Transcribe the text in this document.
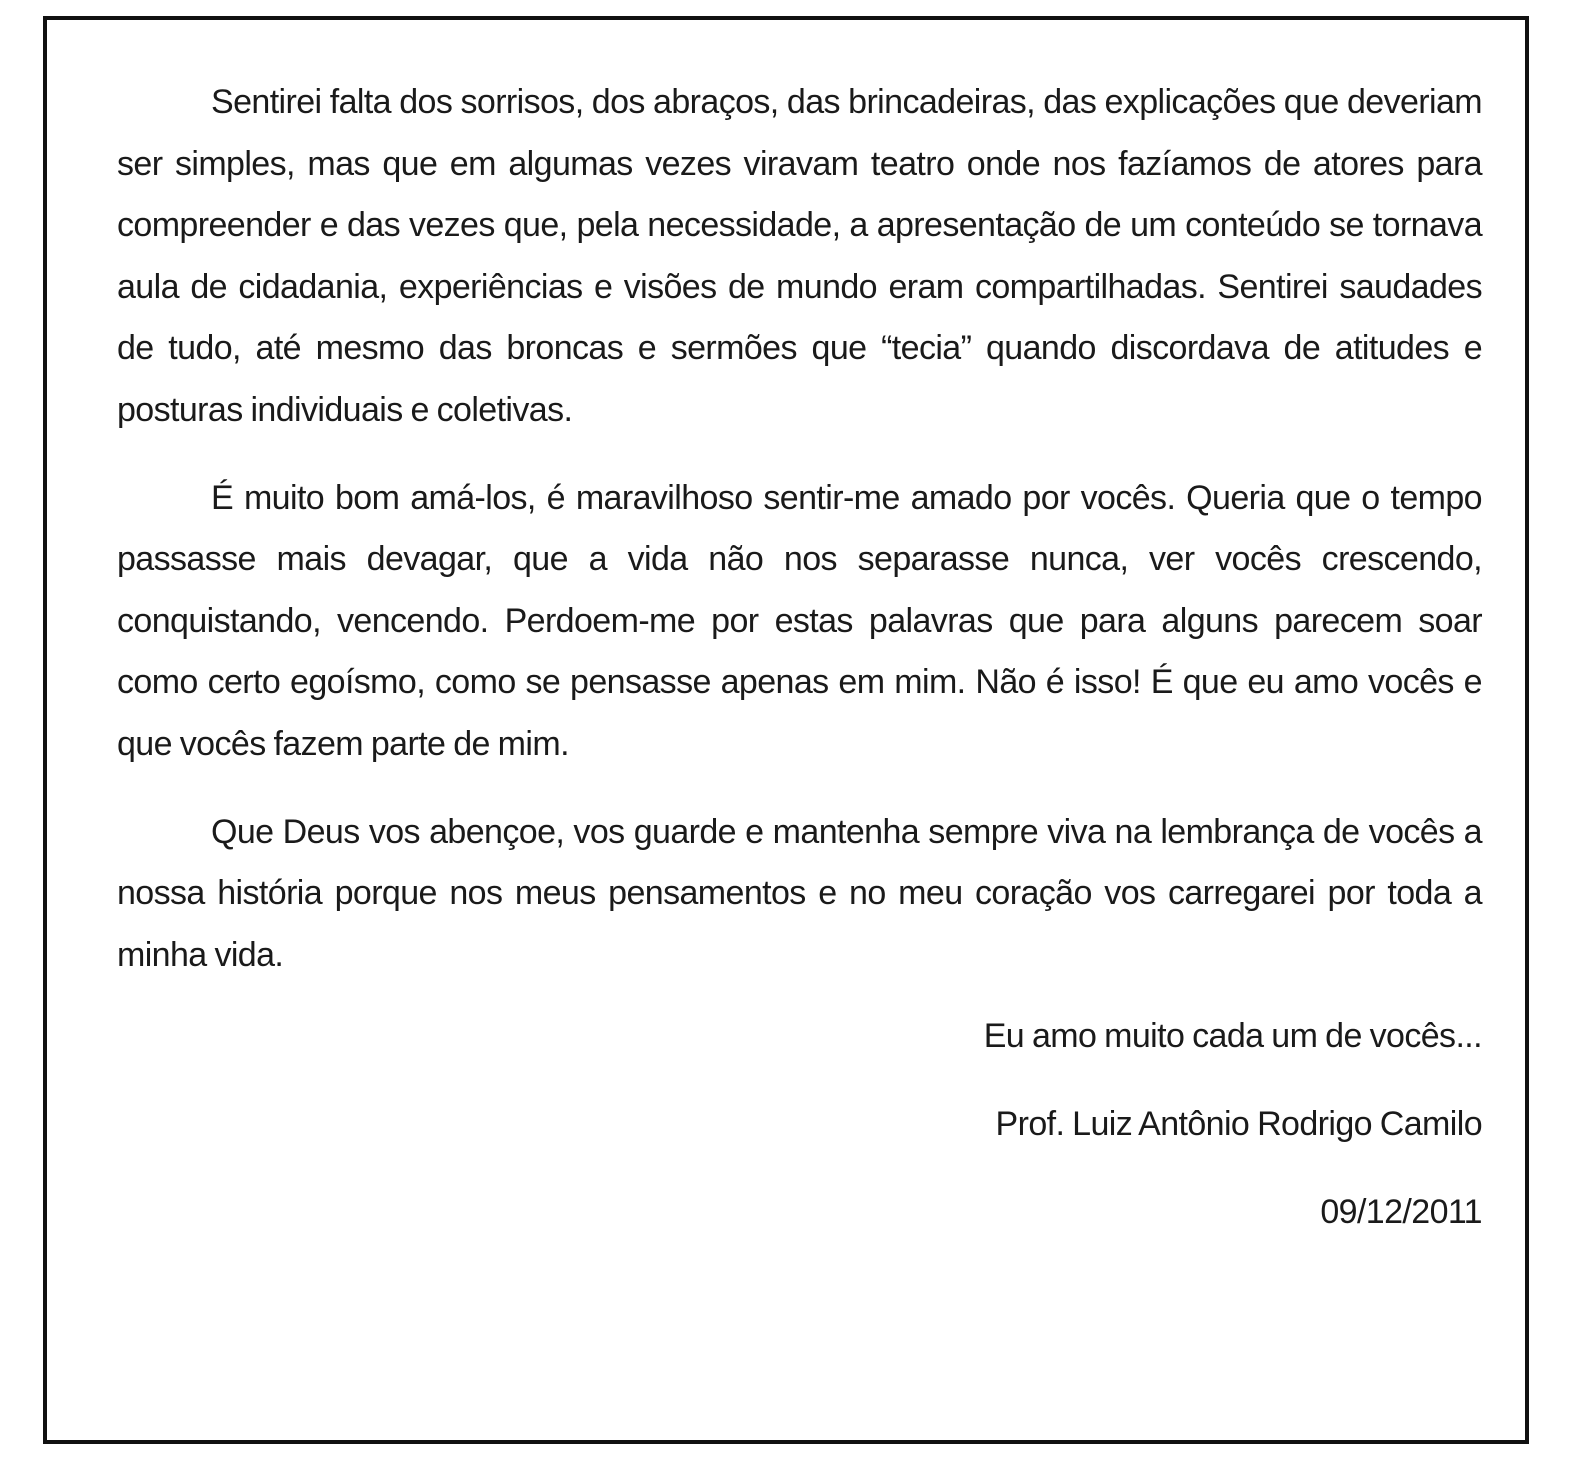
Sentirei falta dos sorrisos, dos abraços, das brincadeiras, das explicações que deveriam ser simples, mas que em algumas vezes viravam teatro onde nos fazíamos de atores para compreender e das vezes que, pela necessidade, a apresentação de um conteúdo se tornava aula de cidadania, experiências e visões de mundo eram compartilhadas. Sentirei saudades de tudo, até mesmo das broncas e sermões que “tecia” quando discordava de atitudes e posturas individuais e coletivas.

É muito bom amá-los, é maravilhoso sentir-me amado por vocês. Queria que o tempo passasse mais devagar, que a vida não nos separasse nunca, ver vocês crescendo, conquistando, vencendo. Perdoem-me por estas palavras que para alguns parecem soar como certo egoísmo, como se pensasse apenas em mim. Não é isso! É que eu amo vocês e que vocês fazem parte de mim.

Que Deus vos abençoe, vos guarde e mantenha sempre viva na lembrança de vocês a nossa história porque nos meus pensamentos e no meu coração vos carregarei por toda a minha vida.

Eu amo muito cada um de vocês...

Prof. Luiz Antônio Rodrigo Camilo

09/12/2011
